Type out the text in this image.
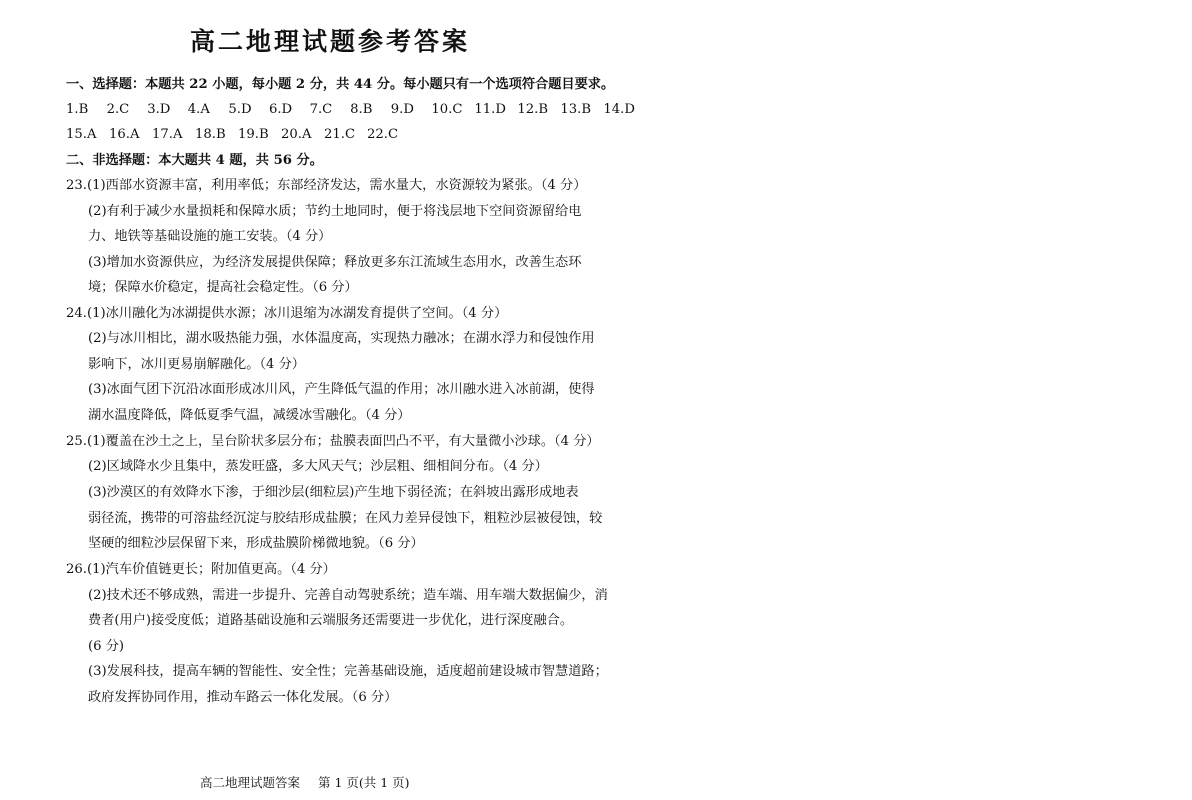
高二地理试题参考答案
一、选择题：本题共 22 小题，每小题 2 分，共 44 分。每小题只有一个选项符合题目要求。
1.B 2.C 3.D 4.A 5.D 6.D 7.C 8.B 9.D 10.C 11.D 12.B 13.B 14.D
15.A 16.A 17.A 18.B 19.B 20.A 21.C 22.C
二、非选择题：本大题共 4 题，共 56 分。
23.(1)西部水资源丰富，利用率低；东部经济发达，需水量大，水资源较为紧张。（4 分）
(2)有利于减少水量损耗和保障水质；节约土地同时，便于将浅层地下空间资源留给电
力、地铁等基础设施的施工安装。（4 分）
(3)增加水资源供应，为经济发展提供保障；释放更多东江流域生态用水，改善生态环
境；保障水价稳定，提高社会稳定性。（6 分）
24.(1)冰川融化为冰湖提供水源；冰川退缩为冰湖发育提供了空间。（4 分）
(2)与冰川相比，湖水吸热能力强，水体温度高，实现热力融冰；在湖水浮力和侵蚀作用
影响下，冰川更易崩解融化。（4 分）
(3)冰面气团下沉沿冰面形成冰川风，产生降低气温的作用；冰川融水进入冰前湖，使得
湖水温度降低，降低夏季气温，减缓冰雪融化。（4 分）
25.(1)覆盖在沙土之上，呈台阶状多层分布；盐膜表面凹凸不平，有大量微小沙球。（4 分）
(2)区域降水少且集中，蒸发旺盛，多大风天气；沙层粗、细相间分布。（4 分）
(3)沙漠区的有效降水下渗，于细沙层(细粒层)产生地下弱径流；在斜坡出露形成地表
弱径流，携带的可溶盐经沉淀与胶结形成盐膜；在风力差异侵蚀下，粗粒沙层被侵蚀，较
坚硬的细粒沙层保留下来，形成盐膜阶梯微地貌。（6 分）
26.(1)汽车价值链更长；附加值更高。（4 分）
(2)技术还不够成熟，需进一步提升、完善自动驾驶系统；造车端、用车端大数据偏少，消
费者(用户)接受度低；道路基础设施和云端服务还需要进一步优化，进行深度融合。
(6 分)
(3)发展科技，提高车辆的智能性、安全性；完善基础设施，适度超前建设城市智慧道路；
政府发挥协同作用，推动车路云一体化发展。（6 分）
高二地理试题答案 第 1 页(共 1 页)
